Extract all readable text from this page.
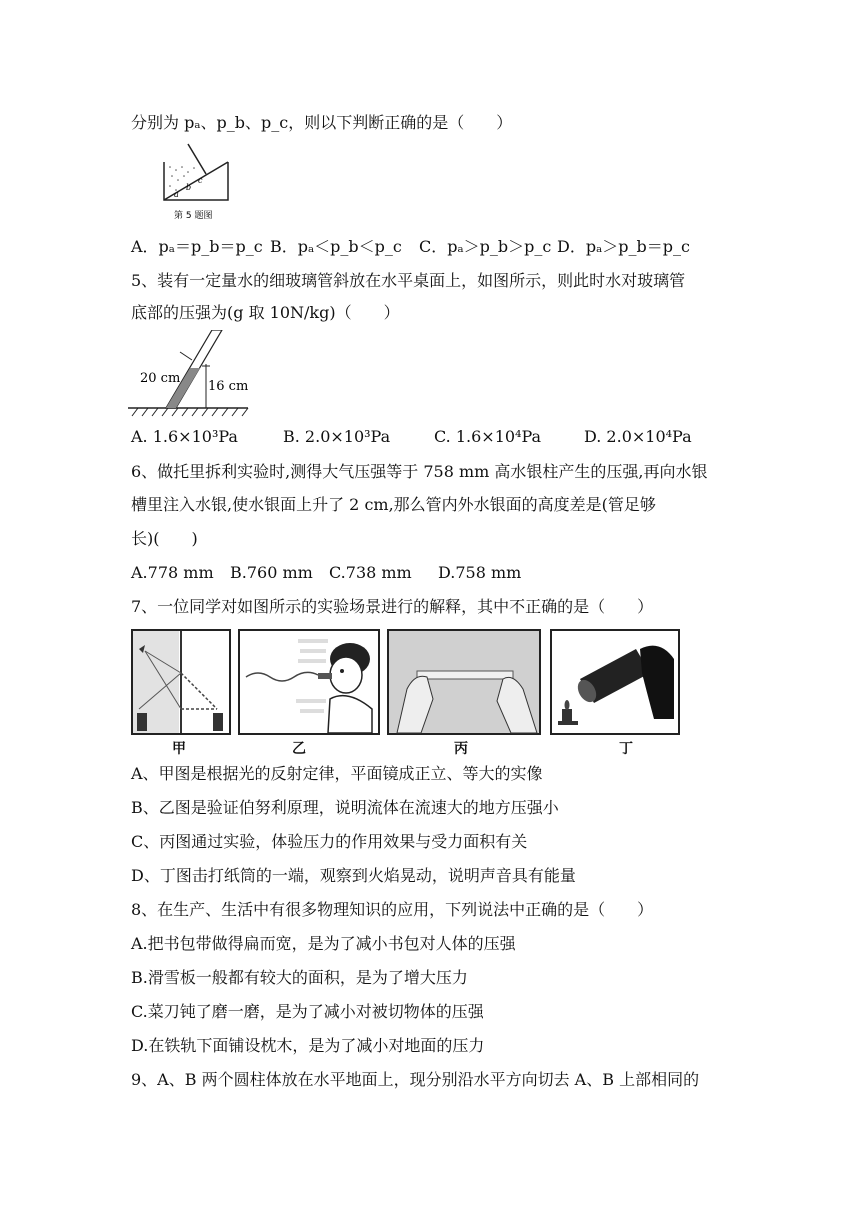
分别为 pₐ、p_b、p_c，则以下判断正确的是（　　）
a
b
c
第 5 题图
A．pₐ＝p_b＝p_c B．pₐ＜p_b＜p_c C．pₐ＞p_b＞p_c D．pₐ＞p_b＝p_c
5、装有一定量水的细玻璃管斜放在水平桌面上，如图所示，则此时水对玻璃管
底部的压强为(g 取 10N/kg)（　　）
20 cm
16 cm
A. 1.6×10³Pa	B. 2.0×10³Pa	C. 1.6×10⁴Pa	D. 2.0×10⁴Pa
6、做托里拆利实验时,测得大气压强等于 758 mm 高水银柱产生的压强,再向水银
槽里注入水银,使水银面上升了 2 cm,那么管内外水银面的高度差是(管足够
长)(　　)
A.778 mm B.760 mm C.738 mm D.758 mm
7、一位同学对如图所示的实验场景进行的解释，其中不正确的是（　　）
甲	乙	丙	丁
A、甲图是根据光的反射定律，平面镜成正立、等大的实像
B、乙图是验证伯努利原理，说明流体在流速大的地方压强小
C、丙图通过实验，体验压力的作用效果与受力面积有关
D、丁图击打纸筒的一端，观察到火焰晃动，说明声音具有能量
8、在生产、生活中有很多物理知识的应用，下列说法中正确的是（　　）
A.把书包带做得扁而宽，是为了减小书包对人体的压强
B.滑雪板一般都有较大的面积，是为了增大压力
C.菜刀钝了磨一磨，是为了减小对被切物体的压强
D.在铁轨下面铺设枕木，是为了减小对地面的压力
9、A、B 两个圆柱体放在水平地面上，现分别沿水平方向切去 A、B 上部相同的
